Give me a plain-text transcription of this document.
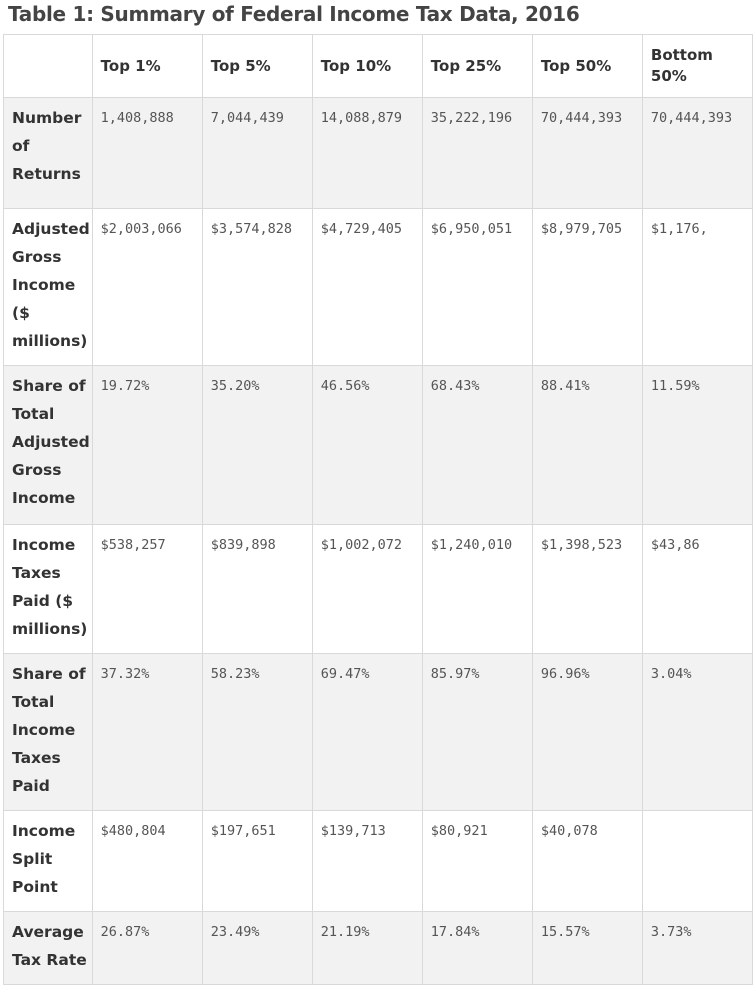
Table 1: Summary of Federal Income Tax Data, 2016
	Top 1%	Top 5%	Top 10%	Top 25%	Top 50%	Bottom 50%
Number of Returns	1,408,888	7,044,439	14,088,879	35,222,196	70,444,393	70,444,393
Adjusted Gross Income ($ millions)	$2,003,066	$3,574,828	$4,729,405	$6,950,051	$8,979,705	$1,176,
Share of Total Adjusted Gross Income	19.72%	35.20%	46.56%	68.43%	88.41%	11.59%
Income Taxes Paid ($ millions)	$538,257	$839,898	$1,002,072	$1,240,010	$1,398,523	$43,86
Share of Total Income Taxes Paid	37.32%	58.23%	69.47%	85.97%	96.96%	3.04%
Income Split Point	$480,804	$197,651	$139,713	$80,921	$40,078	
Average Tax Rate	26.87%	23.49%	21.19%	17.84%	15.57%	3.73%
